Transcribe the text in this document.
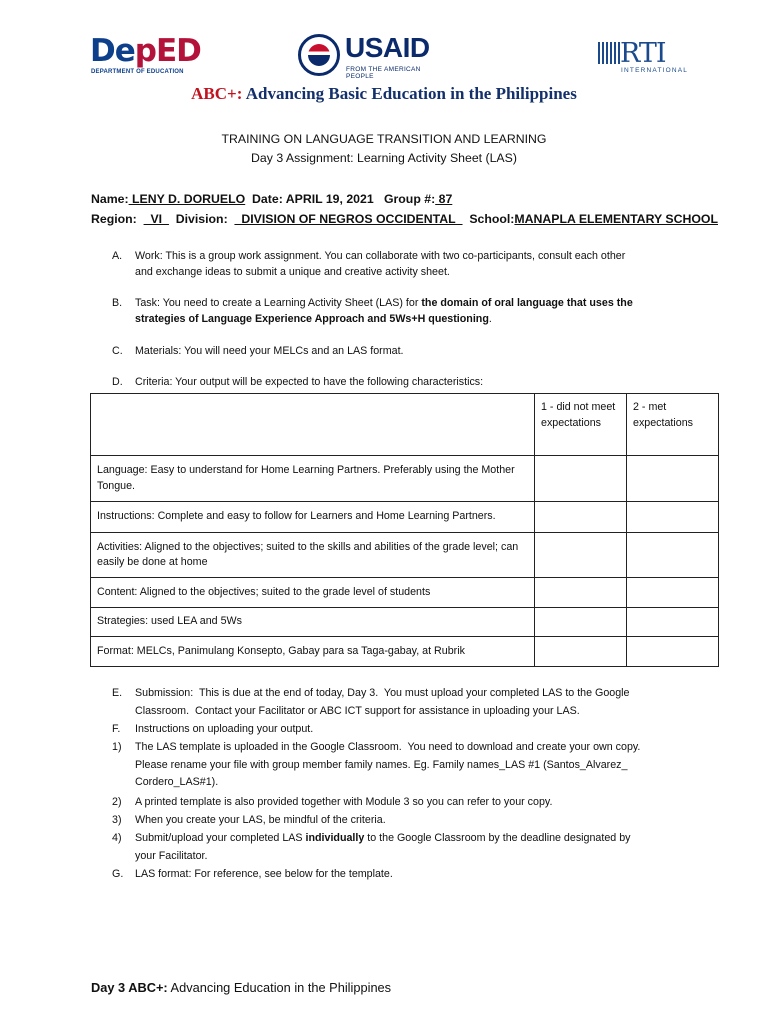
DepED
DEPARTMENT OF EDUCATION
USAID
FROM THE AMERICAN PEOPLE
RTI
INTERNATIONAL
ABC+: Advancing Basic Education in the Philippines
TRAINING ON LANGUAGE TRANSITION AND LEARNING
Day 3 Assignment: Learning Activity Sheet (LAS)
Name: LENY D. DORUELO  Date: APRIL 19, 2021   Group #: 87
Region:  _VI_  Division:  _DIVISION OF NEGROS OCCIDENTAL_  School:MANAPLA ELEMENTARY SCHOOL
A. Work: This is a group work assignment. You can collaborate with two co-participants, consult each other
and exchange ideas to submit a unique and creative activity sheet.
B. Task: You need to create a Learning Activity Sheet (LAS) for the domain of oral language that uses the
strategies of Language Experience Approach and 5Ws+H questioning.
C. Materials: You will need your MELCs and an LAS format.
D. Criteria: Your output will be expected to have the following characteristics:
	1 - did not meet expectations	2 - met expectations
Language: Easy to understand for Home Learning Partners. Preferably using the Mother Tongue.		
Instructions: Complete and easy to follow for Learners and Home Learning Partners.		
Activities: Aligned to the objectives; suited to the skills and abilities of the grade level; can easily be done at home		
Content: Aligned to the objectives; suited to the grade level of students		
Strategies: used LEA and 5Ws		
Format: MELCs, Panimulang Konsepto, Gabay para sa Taga-gabay, at Rubrik		
E. Submission:  This is due at the end of today, Day 3.  You must upload your completed LAS to the Google
Classroom.  Contact your Facilitator or ABC ICT support for assistance in uploading your LAS.
F. Instructions on uploading your output.
1) The LAS template is uploaded in the Google Classroom.  You need to download and create your own copy.
Please rename your file with group member family names. Eg. Family names_LAS #1 (Santos_Alvarez_
Cordero_LAS#1).
2) A printed template is also provided together with Module 3 so you can refer to your copy.
3) When you create your LAS, be mindful of the criteria.
4) Submit/upload your completed LAS individually to the Google Classroom by the deadline designated by
your Facilitator.
G. LAS format: For reference, see below for the template.
Day 3 ABC+: Advancing Education in the Philippines
